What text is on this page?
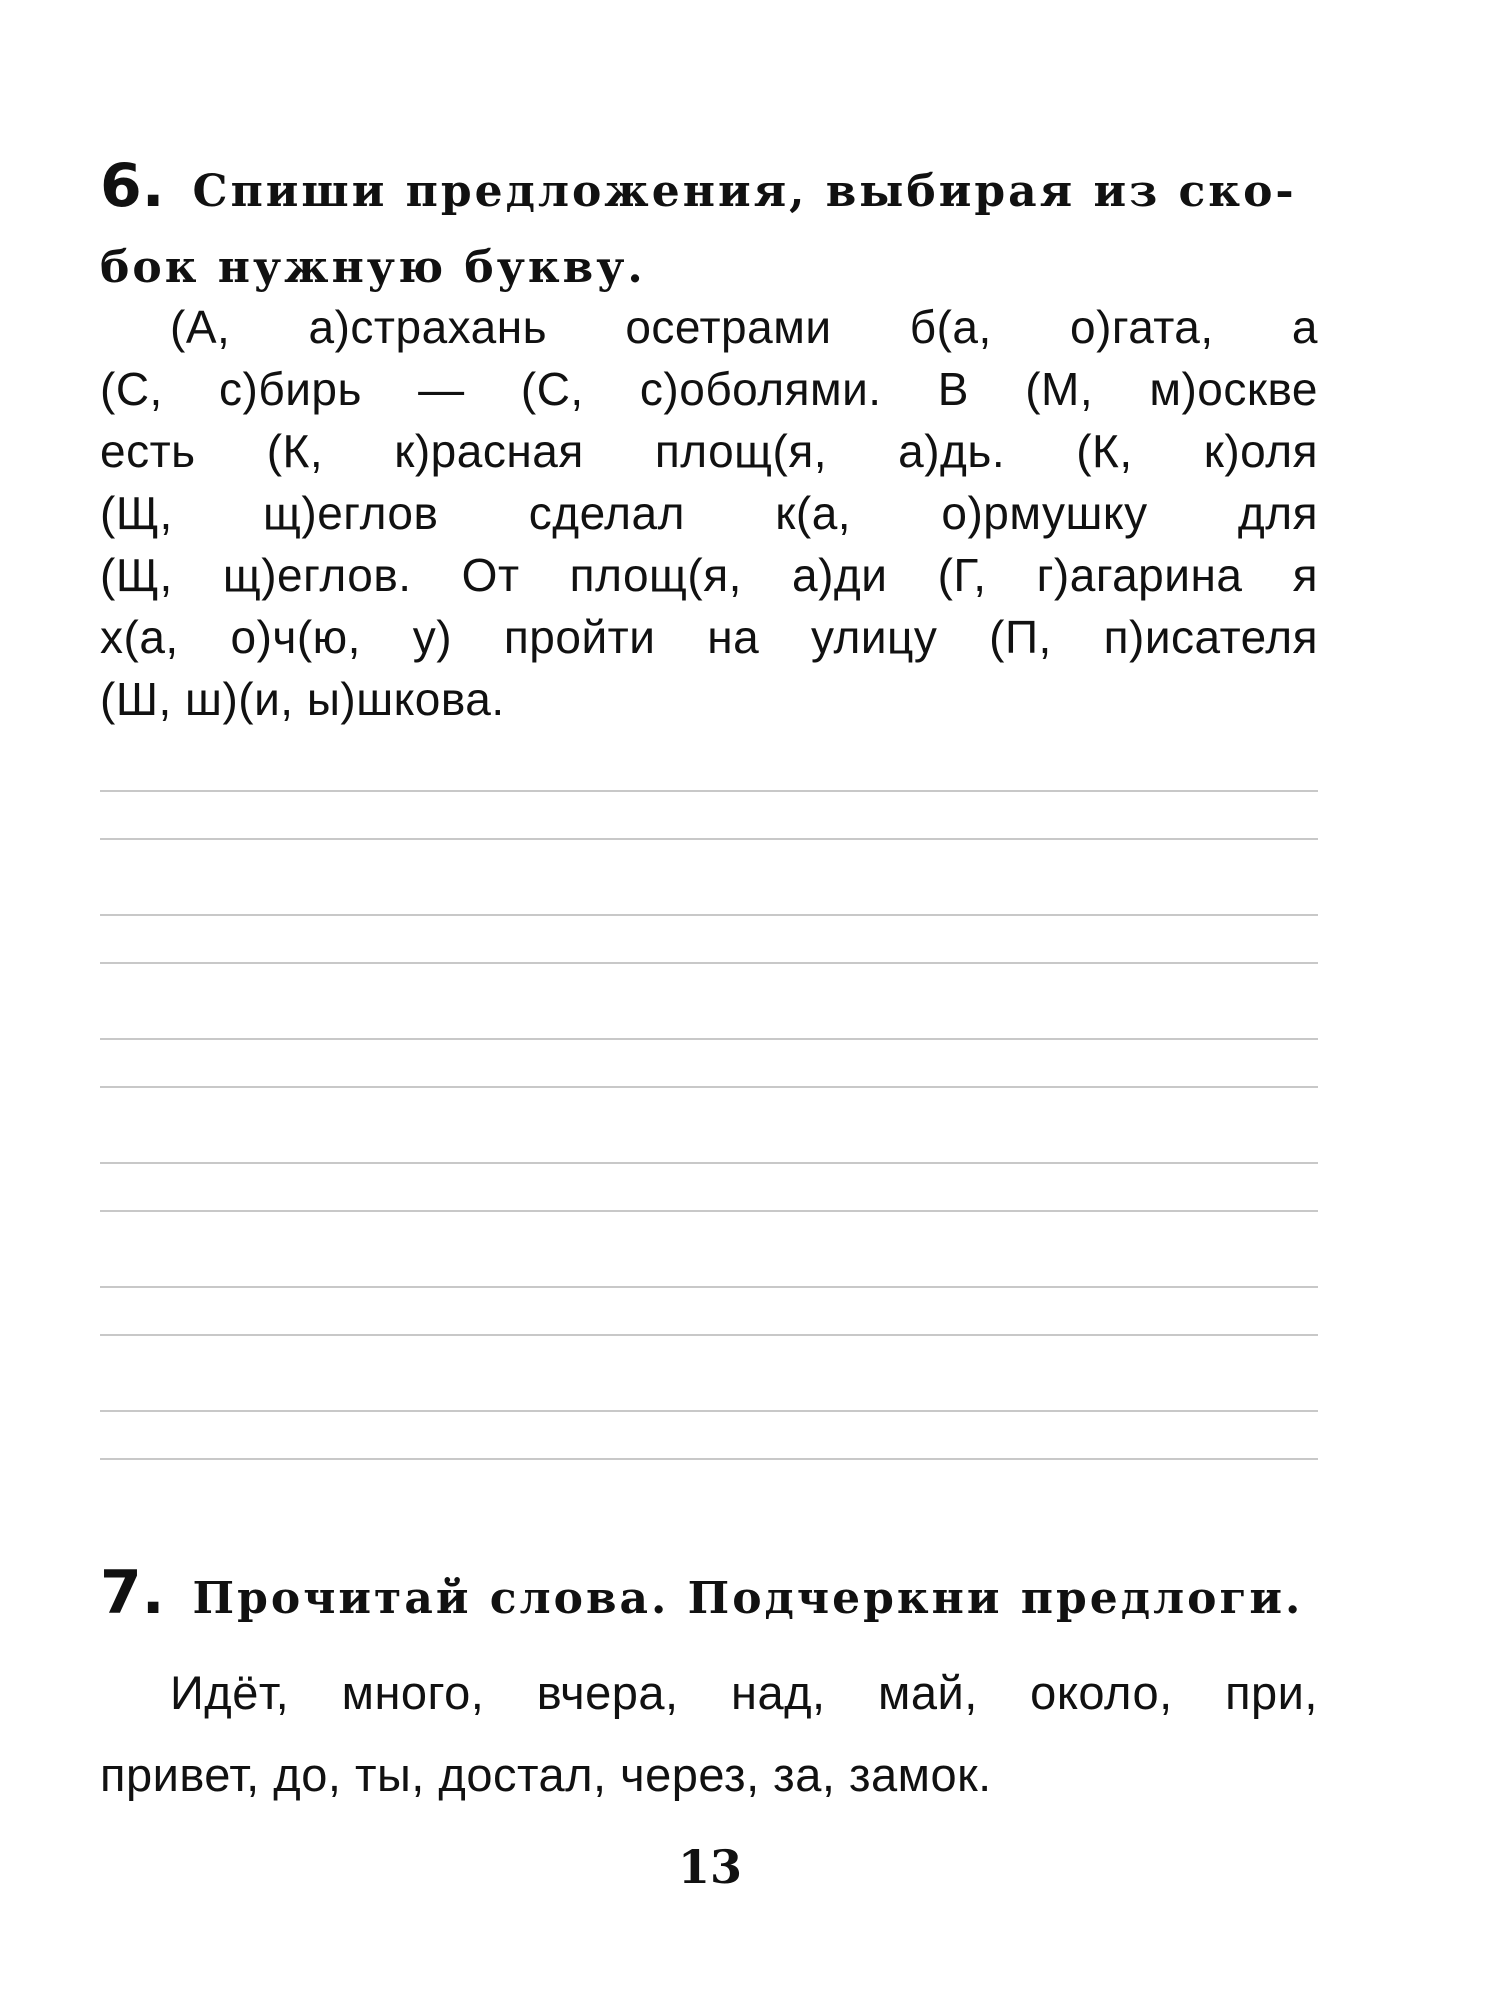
6. Спиши предложения, выбирая из ско-
бок нужную букву.
(А, а)страхань осетрами б(а, о)гата, а
(С, с)бирь — (С, с)оболями. В (М, м)оскве
есть (К, к)расная площ(я, а)дь. (К, к)оля
(Щ, щ)еглов сделал к(а, о)рмушку для
(Щ, щ)еглов. От площ(я, а)ди (Г, г)агарина я
х(а, о)ч(ю, у) пройти на улицу (П, п)исателя
(Ш, ш)(и, ы)шкова.
7. Прочитай слова. Подчеркни предлоги.
Идёт, много, вчера, над, май, около, при,
привет, до, ты, достал, через, за, замок.
13
